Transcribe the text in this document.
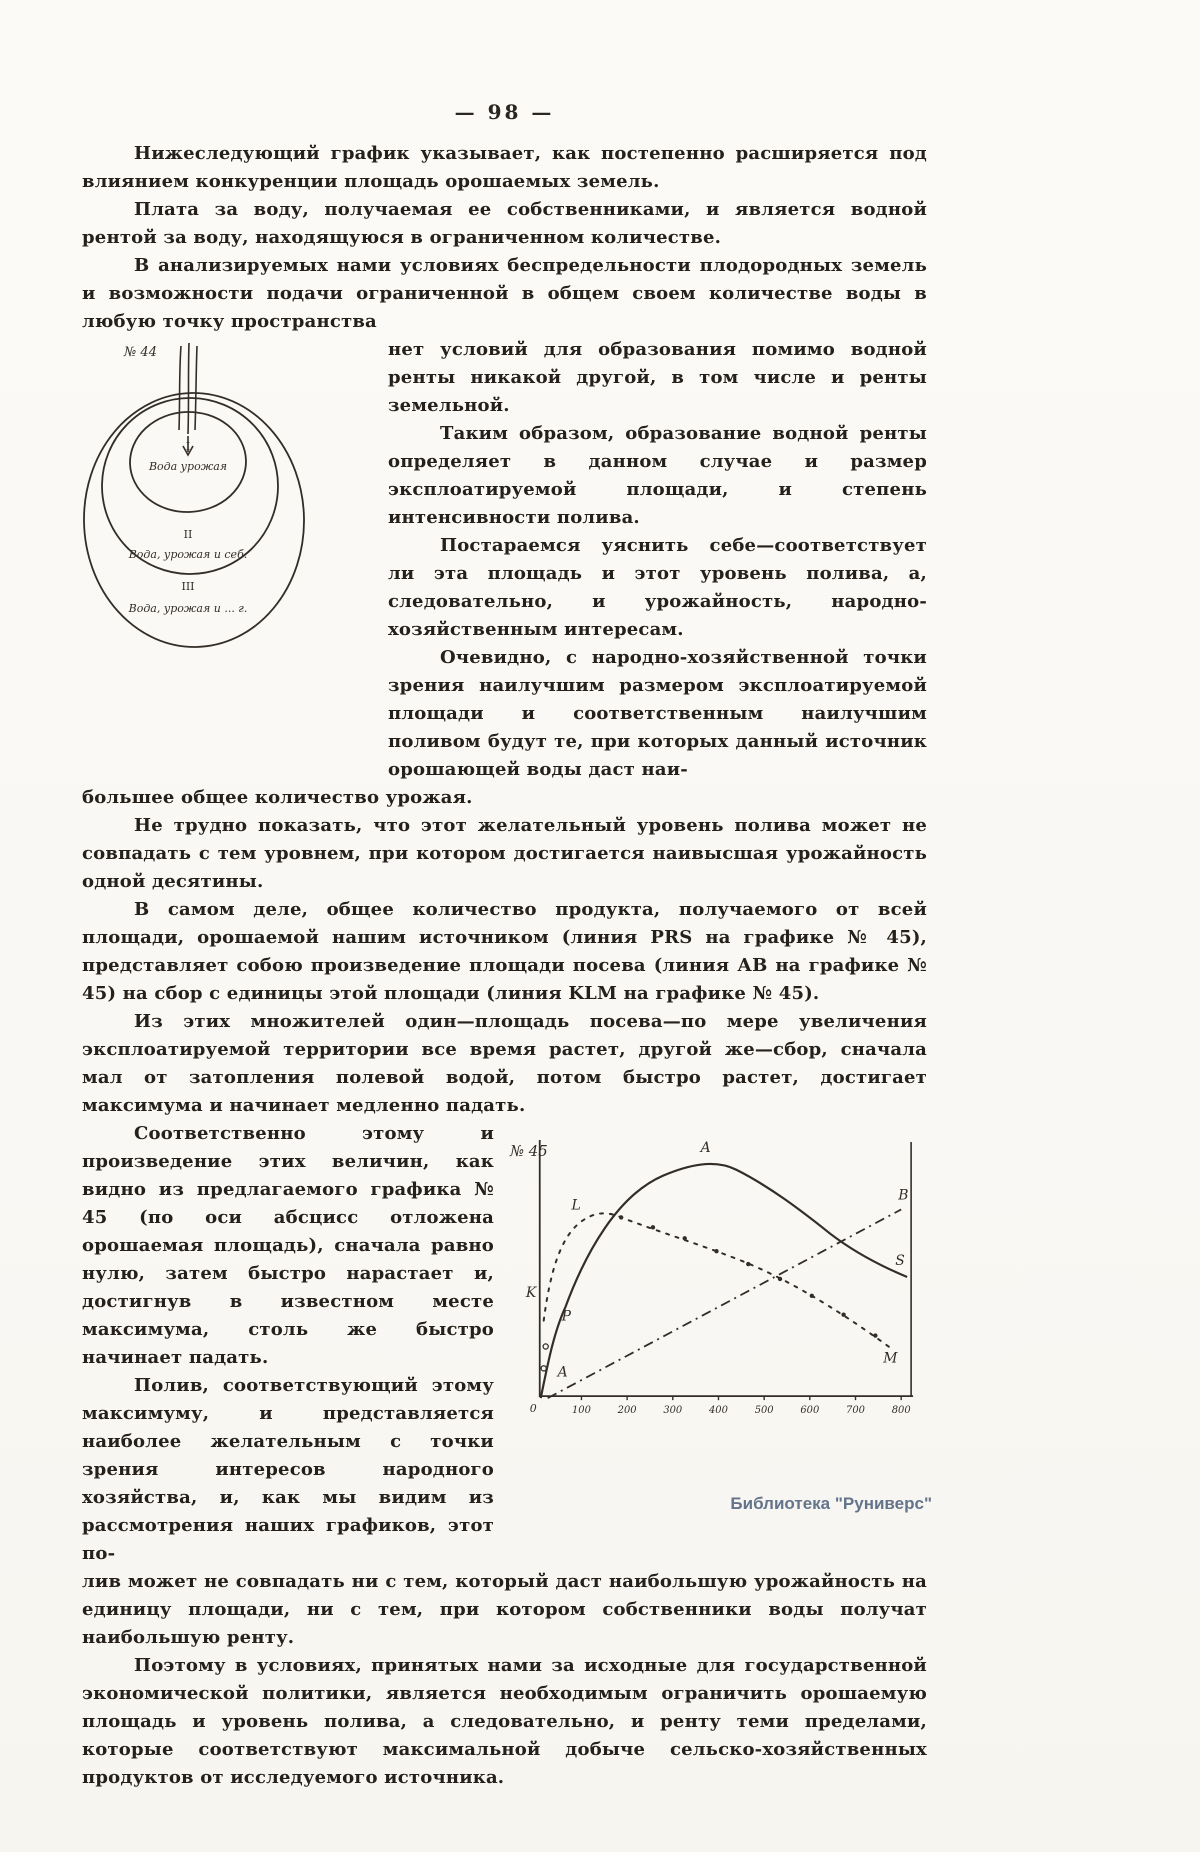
— 98 —

Нижеследующий график указывает, как постепенно расширяется под влиянием конкуренции площадь орошаемых земель.

Плата за воду, получаемая ее собственниками, и является водной рентой за воду, находящуюся в ограниченном количестве.

В анализируемых нами условиях беспредельности плодородных земель и возможности подачи ограниченной в общем своем количестве воды в любую точку пространства

№ 44
I
Вода урожая
II
Вода, урожая и себ.
III
Вода, урожая и ... г.

нет условий для образования помимо водной ренты никакой другой, в том числе и ренты земельной.

Таким образом, образование водной ренты определяет в данном случае и размер эксплоатируемой площади, и степень интенсивности полива.

Постараемся уяснить себе—соответствует ли эта площадь и этот уровень полива, а, следовательно, и урожайность, народно-хозяйственным интересам.

Очевидно, с народно-хозяйственной точки зрения наилучшим размером эксплоатируемой площади и соответственным наилучшим поливом будут те, при которых данный источник орошающей воды даст наи-

большее общее количество урожая.

Не трудно показать, что этот желательный уровень полива может не совпадать с тем уровнем, при котором достигается наивысшая урожайность одной десятины.

В самом деле, общее количество продукта, получаемого от всей площади, орошаемой нашим источником (линия PRS на графике № 45), представляет собою произведение площади посева (линия АВ на графике № 45) на сбор с единицы этой площади (линия KLM на графике № 45).

Из этих множителей один—площадь посева—по мере увеличения эксплоатируемой территории все время растет, другой же—сбор, сначала мал от затопления полевой водой, потом быстро растет, достигает максимума и начинает медленно падать.

Соответственно этому и произведение этих величин, как видно из предлагаемого графика № 45 (по оси абсцисс отложена орошаемая площадь), сначала равно нулю, затем быстро нарастает и, достигнув в известном месте максимума, столь же быстро начинает падать.

Полив, соответствующий этому максимуму, и представляется наиболее желательным с точки зрения интересов народного хозяйства, и, как мы видим из рассмотрения наших графиков, этот по-

№ 45	A
B
S
M
L
K
P
A
0	100	200	300	400	500	600	700	800

лив может не совпадать ни с тем, который даст наибольшую урожайность на единицу площади, ни с тем, при котором собственники воды получат наибольшую ренту.

Поэтому в условиях, принятых нами за исходные для государственной экономической политики, является необходимым ограничить орошаемую площадь и уровень полива, а следовательно, и ренту теми пределами, которые соответствуют максимальной добыче сельско-хозяйственных продуктов от исследуемого источника.

Библиотека "Руниверс"
